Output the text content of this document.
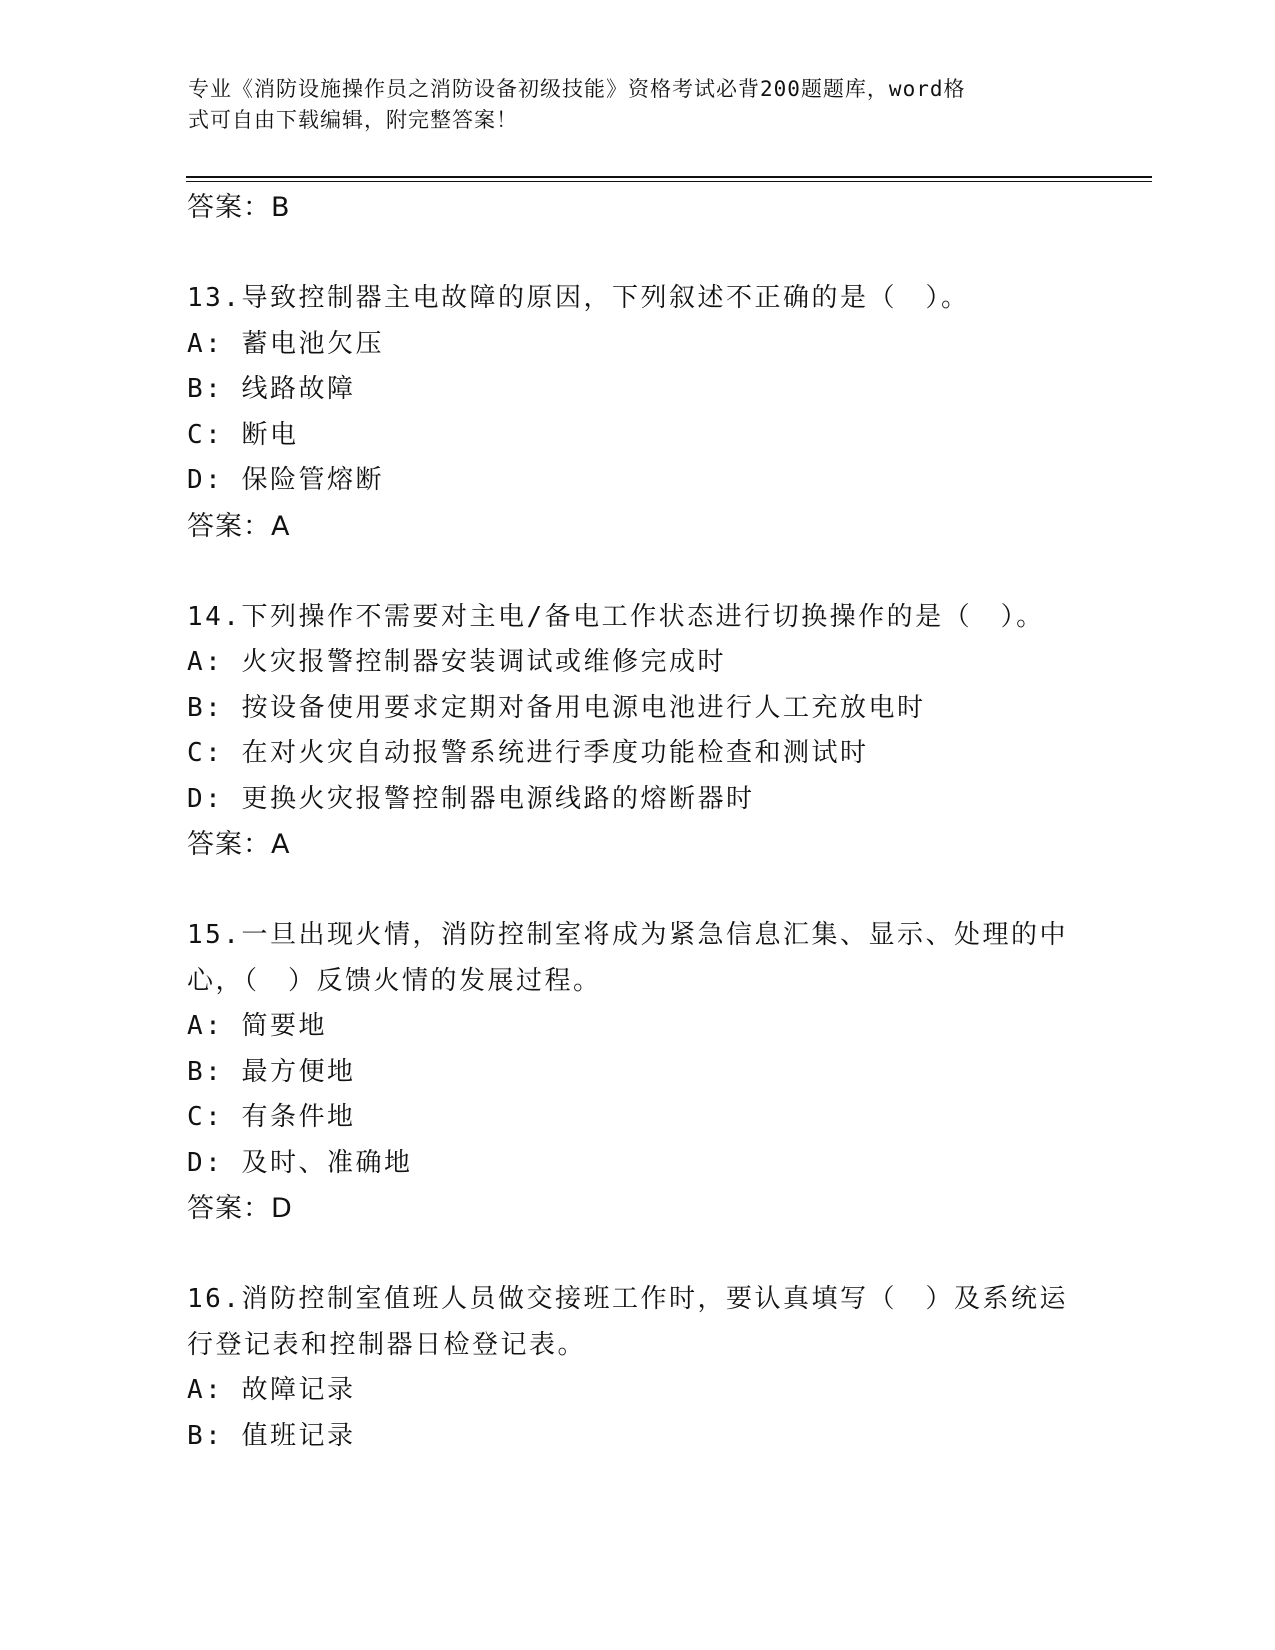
专业《消防设施操作员之消防设备初级技能》资格考试必背200题题库，word格
式可自由下载编辑，附完整答案！
答案：B
13.导致控制器主电故障的原因，下列叙述不正确的是（　）。
A: 蓄电池欠压
B: 线路故障
C: 断电
D: 保险管熔断
答案：A
14.下列操作不需要对主电/备电工作状态进行切换操作的是（　）。
A: 火灾报警控制器安装调试或维修完成时
B: 按设备使用要求定期对备用电源电池进行人工充放电时
C: 在对火灾自动报警系统进行季度功能检查和测试时
D: 更换火灾报警控制器电源线路的熔断器时
答案：A
15.一旦出现火情，消防控制室将成为紧急信息汇集、显示、处理的中
心，（　）反馈火情的发展过程。
A: 简要地
B: 最方便地
C: 有条件地
D: 及时、准确地
答案：D
16.消防控制室值班人员做交接班工作时，要认真填写（　）及系统运
行登记表和控制器日检登记表。
A: 故障记录
B: 值班记录
